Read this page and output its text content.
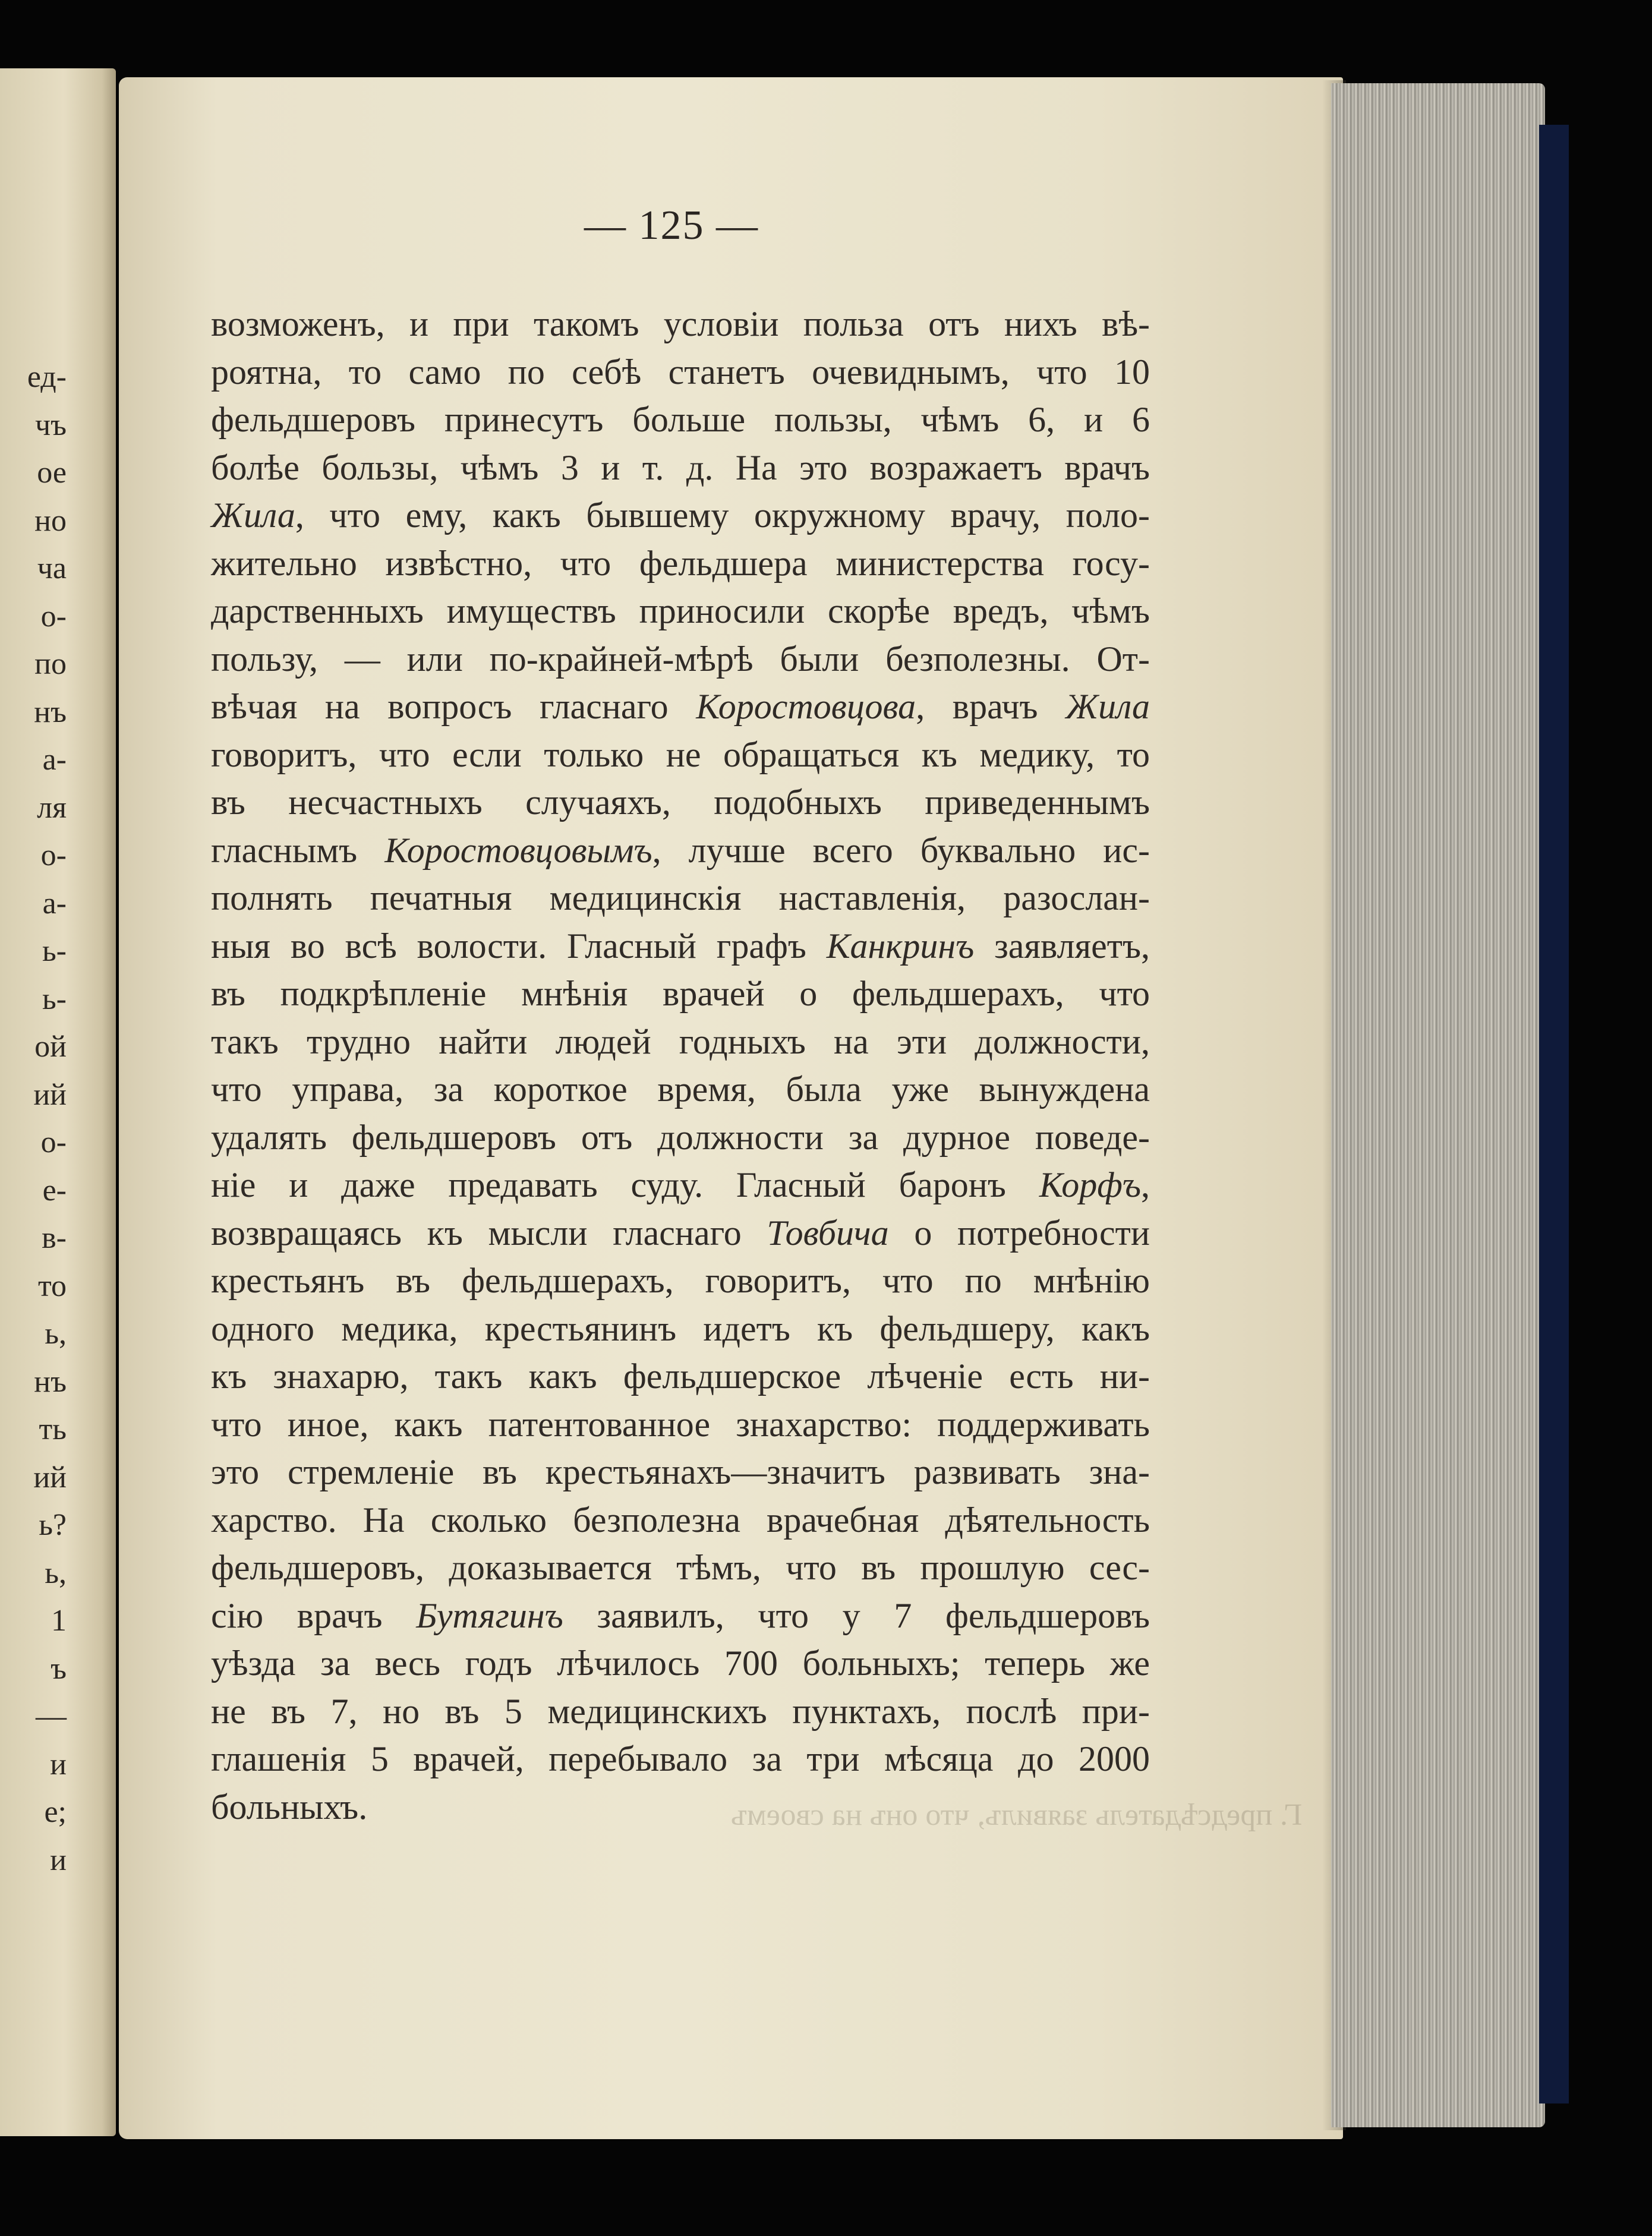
ед-
чъ
ое
но
ча
о-
по
нъ
а-
ля
о-
а-
ь-
ь-
ой
ий
о-
е-
в-
то
ь,
нъ
ть
ий
ь?
ь,
1
ъ
—
и
е;
и
— 125 —
Г. предсѣдатель заявилъ, что онъ на своемъ
возможенъ, и при такомъ условіи польза отъ нихъ вѣ-
роятна, то само по себѣ станетъ очевиднымъ, что 10
фельдшеровъ принесутъ больше пользы, чѣмъ 6, и 6
болѣе бользы, чѣмъ 3 и т. д. На это возражаетъ врачъ
Жила, что ему, какъ бывшему окружному врачу, поло-
жительно извѣстно, что фельдшера министерства госу-
дарственныхъ имуществъ приносили скорѣе вредъ, чѣмъ
пользу, — или по-крайней-мѣрѣ были безполезны. От-
вѣчая на вопросъ гласнаго Коростовцова, врачъ Жила
говоритъ, что если только не обращаться къ медику, то
въ несчастныхъ случаяхъ, подобныхъ приведеннымъ
гласнымъ Коростовцовымъ, лучше всего буквально ис-
полнять печатныя медицинскія наставленія, разослан-
ныя во всѣ волости. Гласный графъ Канкринъ заявляетъ,
въ подкрѣпленіе мнѣнія врачей о фельдшерахъ, что
такъ трудно найти людей годныхъ на эти должности,
что управа, за короткое время, была уже вынуждена
удалять фельдшеровъ отъ должности за дурное поведе-
ніе и даже предавать суду. Гласный баронъ Корфъ,
возвращаясь къ мысли гласнаго Товбича о потребности
крестьянъ въ фельдшерахъ, говоритъ, что по мнѣнію
одного медика, крестьянинъ идетъ къ фельдшеру, какъ
къ знахарю, такъ какъ фельдшерское лѣченіе есть ни-
что иное, какъ патентованное знахарство: поддерживать
это стремленіе въ крестьянахъ—значитъ развивать зна-
харство. На сколько безполезна врачебная дѣятельность
фельдшеровъ, доказывается тѣмъ, что въ прошлую сес-
сію врачъ Бутягинъ заявилъ, что у 7 фельдшеровъ
уѣзда за весь годъ лѣчилось 700 больныхъ; теперь же
не въ 7, но въ 5 медицинскихъ пунктахъ, послѣ при-
глашенія 5 врачей, перебывало за три мѣсяца до 2000
больныхъ.
